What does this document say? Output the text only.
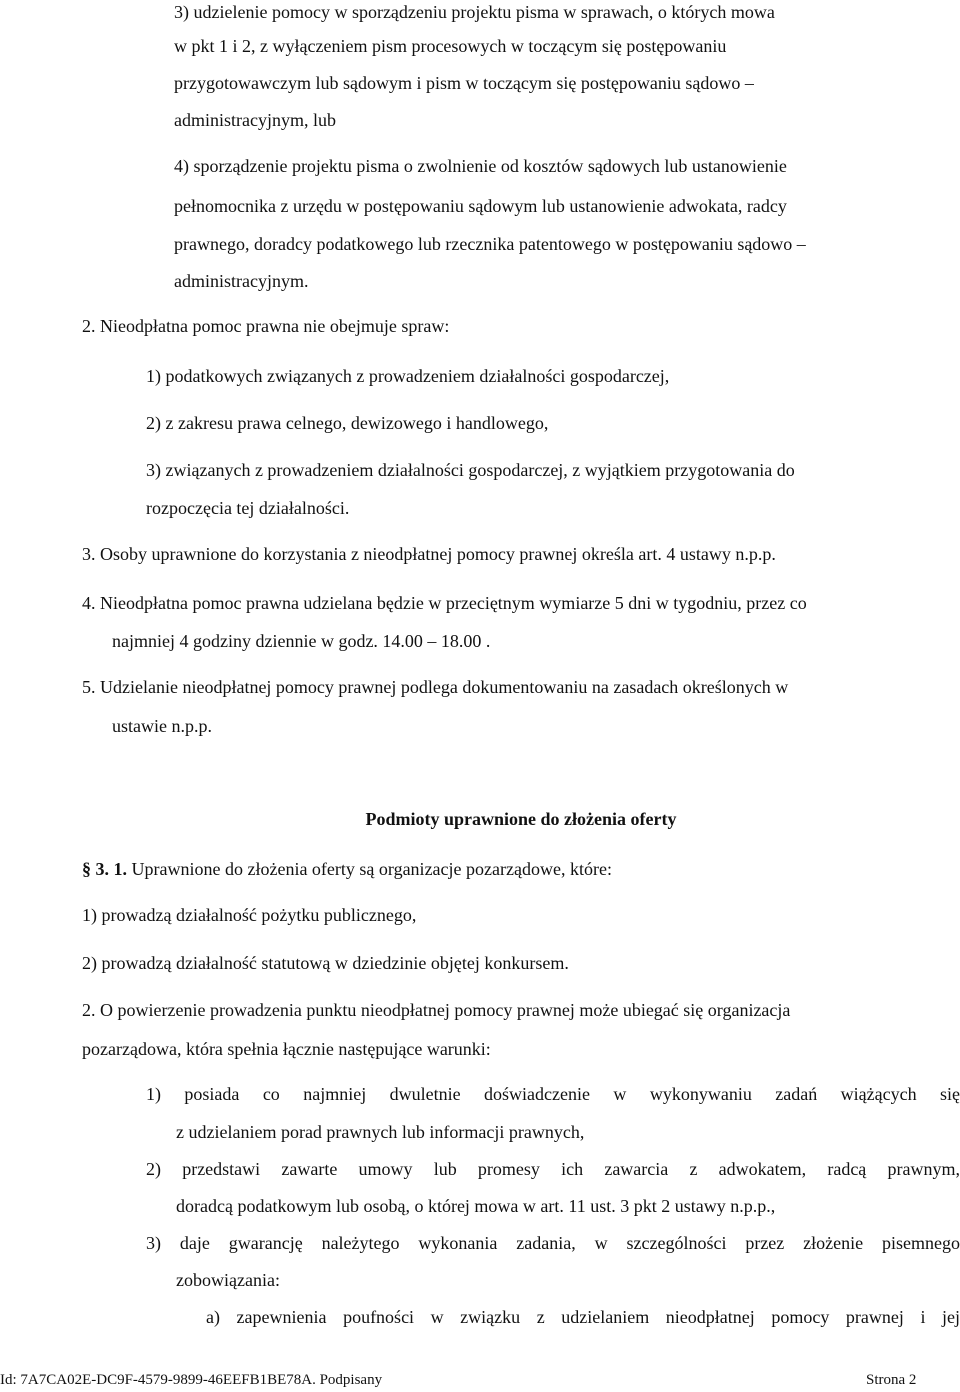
3) udzielenie pomocy w sporządzeniu projektu pisma w sprawach, o których mowa
w pkt 1 i 2, z wyłączeniem pism procesowych w toczącym się postępowaniu
przygotowawczym lub sądowym i pism w toczącym się postępowaniu sądowo –
administracyjnym, lub
4) sporządzenie projektu pisma o zwolnienie od kosztów sądowych lub ustanowienie
pełnomocnika z urzędu w postępowaniu sądowym lub ustanowienie adwokata, radcy
prawnego, doradcy podatkowego lub rzecznika patentowego w postępowaniu sądowo –
administracyjnym.
2. Nieodpłatna pomoc prawna nie obejmuje spraw:
1) podatkowych związanych z prowadzeniem działalności gospodarczej,
2) z zakresu prawa celnego, dewizowego i handlowego,
3) związanych z prowadzeniem działalności gospodarczej, z wyjątkiem przygotowania do
rozpoczęcia tej działalności.
3. Osoby uprawnione do korzystania z nieodpłatnej pomocy prawnej określa art. 4 ustawy n.p.p.
4. Nieodpłatna pomoc prawna udzielana będzie w przeciętnym wymiarze 5 dni w tygodniu, przez co
najmniej 4 godziny dziennie w godz. 14.00 – 18.00 .
5. Udzielanie nieodpłatnej pomocy prawnej podlega dokumentowaniu na zasadach określonych w
ustawie n.p.p.
Podmioty uprawnione do złożenia oferty
§ 3. 1. Uprawnione do złożenia oferty są organizacje pozarządowe, które:
1) prowadzą działalność pożytku publicznego,
2) prowadzą działalność statutową w dziedzinie objętej konkursem.
2. O powierzenie prowadzenia punktu nieodpłatnej pomocy prawnej może ubiegać się organizacja
pozarządowa, która spełnia łącznie następujące warunki:
1) posiada co najmniej dwuletnie doświadczenie w wykonywaniu zadań wiążących się
z udzielaniem porad prawnych lub informacji prawnych,
2) przedstawi zawarte umowy lub promesy ich zawarcia z adwokatem, radcą prawnym,
doradcą podatkowym lub osobą, o której mowa w art. 11 ust. 3 pkt 2 ustawy n.p.p.,
3) daje gwarancję należytego wykonania zadania, w szczególności przez złożenie pisemnego
zobowiązania:
a) zapewnienia poufności w związku z udzielaniem nieodpłatnej pomocy prawnej i jej
Id: 7A7CA02E-DC9F-4579-9899-46EEFB1BE78A. Podpisany	Strona 2
